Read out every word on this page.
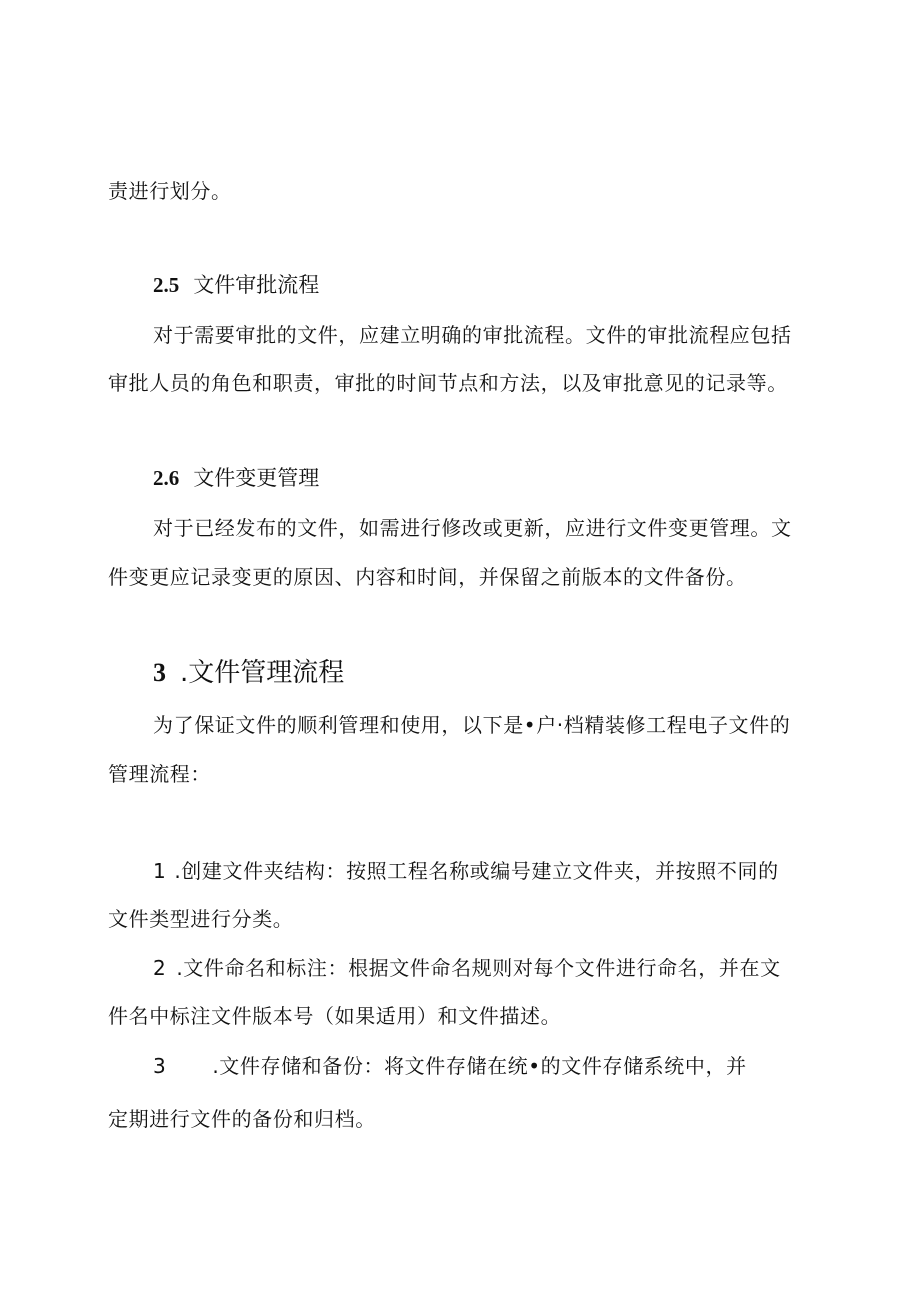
责进行划分。
2.5 文件审批流程
对于需要审批的文件，应建立明确的审批流程。文件的审批流程应包括
审批人员的角色和职责，审批的时间节点和方法，以及审批意见的记录等。
2.6 文件变更管理
对于已经发布的文件，如需进行修改或更新，应进行文件变更管理。文
件变更应记录变更的原因、内容和时间，并保留之前版本的文件备份。
3 .文件管理流程
为了保证文件的顺利管理和使用，以下是•户·档精装修工程电子文件的
管理流程：
1 .创建文件夹结构：按照工程名称或编号建立文件夹，并按照不同的
文件类型进行分类。
2 .文件命名和标注：根据文件命名规则对每个文件进行命名，并在文
件名中标注文件版本号（如果适用）和文件描述。
3 .文件存储和备份：将文件存储在统•的文件存储系统中，并
定期进行文件的备份和归档。
